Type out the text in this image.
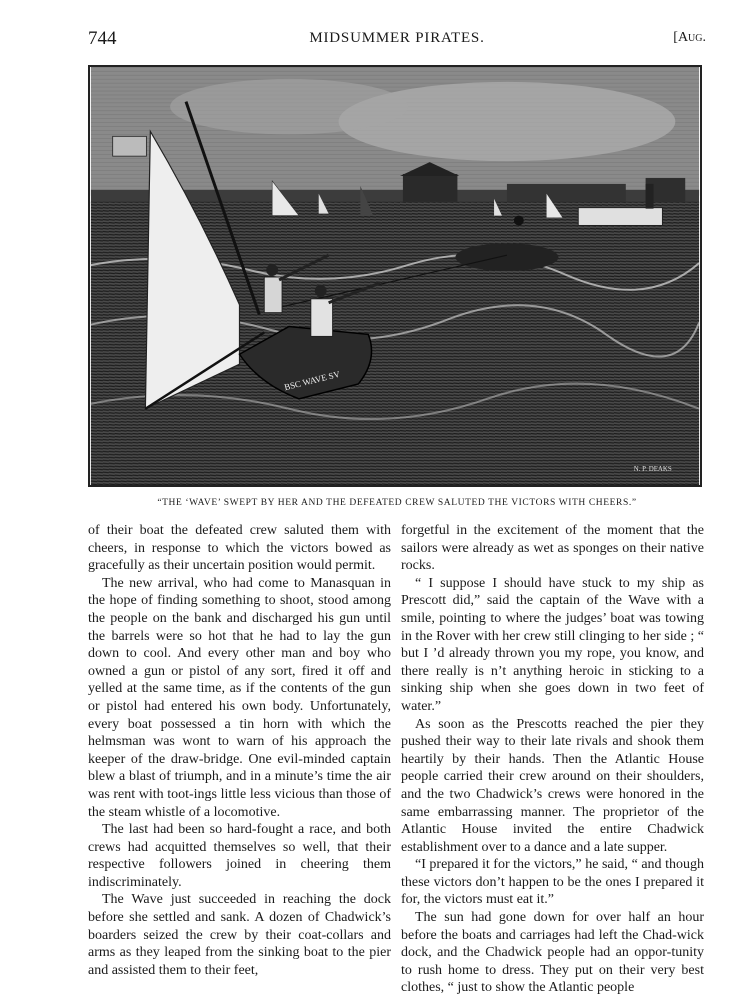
744	MIDSUMMER PIRATES.	[Aug.
BSC WAVE SV
N. P. DEAKS
“THE ‘WAVE’ SWEPT BY HER AND THE DEFEATED CREW SALUTED THE VICTORS WITH CHEERS.”

of their boat the defeated crew saluted them with cheers, in response to which the victors bowed as gracefully as their uncertain position would permit.

The new arrival, who had come to Manasquan in the hope of finding something to shoot, stood among the people on the bank and discharged his gun until the barrels were so hot that he had to lay the gun down to cool. And every other man and boy who owned a gun or pistol of any sort, fired it off and yelled at the same time, as if the contents of the gun or pistol had entered his own body. Unfortunately, every boat possessed a tin horn with which the helmsman was wont to warn of his approach the keeper of the draw-bridge. One evil-minded captain blew a blast of triumph, and in a minute’s time the air was rent with toot-ings little less vicious than those of the steam whistle of a locomotive.

The last had been so hard-fought a race, and both crews had acquitted themselves so well, that their respective followers joined in cheering them indiscriminately.

The Wave just succeeded in reaching the dock before she settled and sank. A dozen of Chadwick’s boarders seized the crew by their coat-collars and arms as they leaped from the sinking boat to the pier and assisted them to their feet,

forgetful in the excitement of the moment that the sailors were already as wet as sponges on their native rocks.

“ I suppose I should have stuck to my ship as Prescott did,” said the captain of the Wave with a smile, pointing to where the judges’ boat was towing in the Rover with her crew still clinging to her side ; “ but I ’d already thrown you my rope, you know, and there really is n’t anything heroic in sticking to a sinking ship when she goes down in two feet of water.”

As soon as the Prescotts reached the pier they pushed their way to their late rivals and shook them heartily by their hands. Then the Atlantic House people carried their crew around on their shoulders, and the two Chadwick’s crews were honored in the same embarrassing manner. The proprietor of the Atlantic House invited the entire Chadwick establishment over to a dance and a late supper.

“I prepared it for the victors,” he said, “ and though these victors don’t happen to be the ones I prepared it for, the victors must eat it.”

The sun had gone down for over half an hour before the boats and carriages had left the Chad-wick dock, and the Chadwick people had an oppor-tunity to rush home to dress. They put on their very best clothes, “ just to show the Atlantic people
